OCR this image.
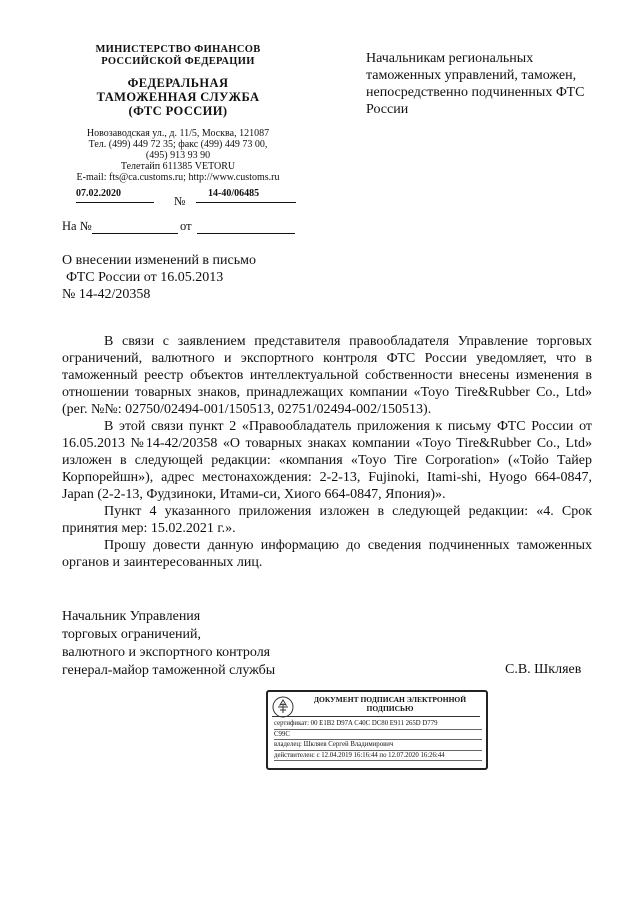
МИНИСТЕРСТВО ФИНАНСОВ РОССИЙСКОЙ ФЕДЕРАЦИИ
ФЕДЕРАЛЬНАЯ
ТАМОЖЕННАЯ СЛУЖБА
(ФТС РОССИИ)
Новозаводская ул., д. 11/5, Москва, 121087
Тел. (499) 449 72 35; факс (499) 449 73 00,
(495) 913 93 90
Телетайп 611385 VETORU
E-mail: fts@ca.customs.ru; http://www.customs.ru
07.02.2020
№
14-40/06485
На №	от
Начальникам региональных таможенных управлений, таможен, непосредственно подчиненных ФТС России
О внесении изменений в письмо
ФТС России от 16.05.2013
№ 14-42/20358

В связи с заявлением представителя правообладателя Управление торговых ограничений, валютного и экспортного контроля ФТС России уведомляет, что в таможенный реестр объектов интеллектуальной собственности внесены изменения в отношении товарных знаков, принадлежащих компании «Toyo Tire&Rubber Co., Ltd» (рег. №№: 02750/02494-001/150513, 02751/02494-002/150513).

В этой связи пункт 2 «Правообладатель приложения к письму ФТС России от 16.05.2013 №14-42/20358 «О товарных знаках компании «Toyo Tire&Rubber Co., Ltd» изложен в следующей редакции: «компания «Toyo Tire Corporation» («Тойо Тайер Корпорейшн»), адрес местонахождения: 2-2-13, Fujinoki, Itami-shi, Hyogo 664-0847, Japan (2-2-13, Фудзиноки, Итами-си, Хиого 664-0847, Япония)».

Пункт 4 указанного приложения изложен в следующей редакции: «4. Срок принятия мер: 15.02.2021 г.».

Прошу довести данную информацию до сведения подчиненных таможенных органов и заинтересованных лиц.

Начальник Управления
торговых ограничений,
валютного и экспортного контроля
генерал-майор таможенной службы	С.В. Шкляев
ДОКУМЕНТ ПОДПИСАН ЭЛЕКТРОННОЙ
ПОДПИСЬЮ
сертификат: 00 E1B2 D97A C40C DC80 E911 265D D779
C99C
владелец: Шкляев Сергей Владимирович
действителен: с 12.04.2019 16:16:44 по 12.07.2020 16:26:44
